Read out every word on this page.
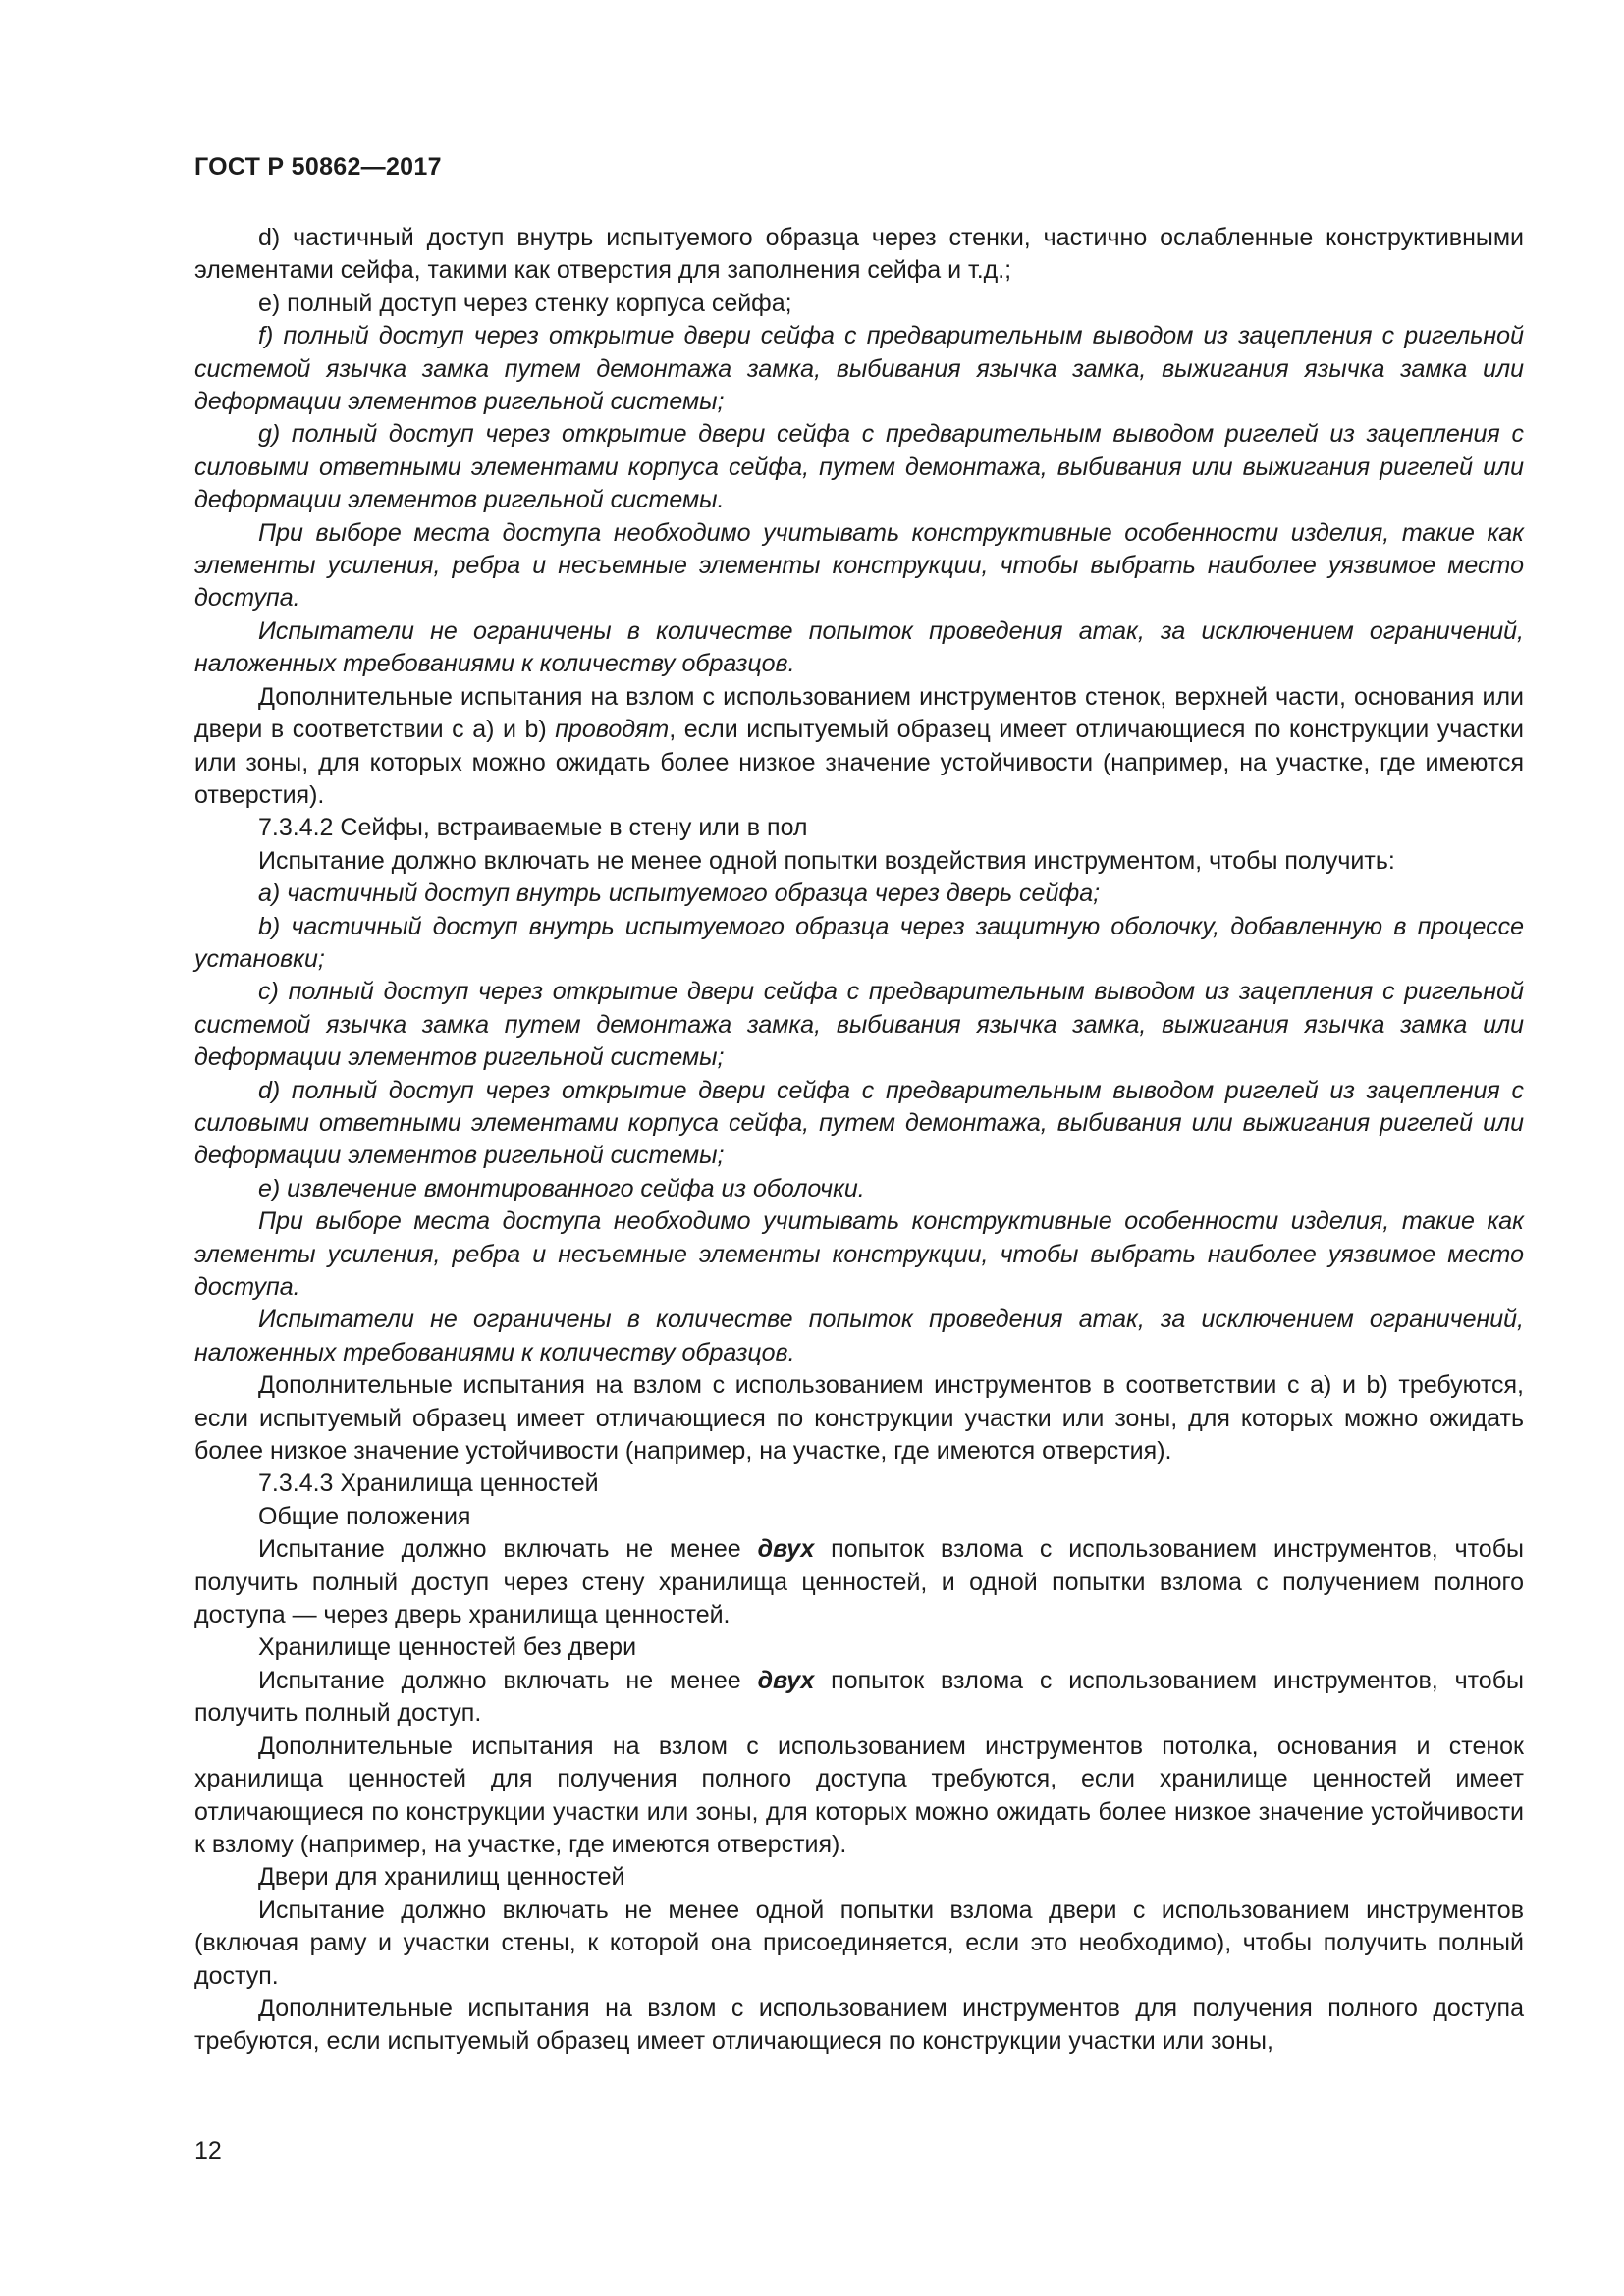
ГОСТ Р 50862—2017

d) частичный доступ внутрь испытуемого образца через стенки, частично ослабленные конструктивными элементами сейфа, такими как отверстия для заполнения сейфа и т.д.;

e) полный доступ через стенку корпуса сейфа;

f) полный доступ через открытие двери сейфа с предварительным выводом из зацепления с ригельной системой язычка замка путем демонтажа замка, выбивания язычка замка, выжигания язычка замка или деформации элементов ригельной системы;

g) полный доступ через открытие двери сейфа с предварительным выводом ригелей из зацепления с силовыми ответными элементами корпуса сейфа, путем демонтажа, выбивания или выжигания ригелей или деформации элементов ригельной системы.

При выборе места доступа необходимо учитывать конструктивные особенности изделия, такие как элементы усиления, ребра и несъемные элементы конструкции, чтобы выбрать наиболее уязвимое место доступа.

Испытатели не ограничены в количестве попыток проведения атак, за исключением ограничений, наложенных требованиями к количеству образцов.

Дополнительные испытания на взлом с использованием инструментов стенок, верхней части, основания или двери в соответствии с а) и b) проводят, если испытуемый образец имеет отличающиеся по конструкции участки или зоны, для которых можно ожидать более низкое значение устойчивости (например, на участке, где имеются отверстия).

7.3.4.2 Сейфы, встраиваемые в стену или в пол

Испытание должно включать не менее одной попытки воздействия инструментом, чтобы получить:

а) частичный доступ внутрь испытуемого образца через дверь сейфа;

b) частичный доступ внутрь испытуемого образца через защитную оболочку, добавленную в процессе установки;

c) полный доступ через открытие двери сейфа с предварительным выводом из зацепления с ригельной системой язычка замка путем демонтажа замка, выбивания язычка замка, выжигания язычка замка или деформации элементов ригельной системы;

d) полный доступ через открытие двери сейфа с предварительным выводом ригелей из зацепления с силовыми ответными элементами корпуса сейфа, путем демонтажа, выбивания или выжигания ригелей или деформации элементов ригельной системы;

e) извлечение вмонтированного сейфа из оболочки.

При выборе места доступа необходимо учитывать конструктивные особенности изделия, такие как элементы усиления, ребра и несъемные элементы конструкции, чтобы выбрать наиболее уязвимое место доступа.

Испытатели не ограничены в количестве попыток проведения атак, за исключением ограничений, наложенных требованиями к количеству образцов.

Дополнительные испытания на взлом с использованием инструментов в соответствии с а) и b) требуются, если испытуемый образец имеет отличающиеся по конструкции участки или зоны, для которых можно ожидать более низкое значение устойчивости (например, на участке, где имеются отверстия).

7.3.4.3 Хранилища ценностей

Общие положения

Испытание должно включать не менее двух попыток взлома с использованием инструментов, чтобы получить полный доступ через стену хранилища ценностей, и одной попытки взлома с получением полного доступа — через дверь хранилища ценностей.

Хранилище ценностей без двери

Испытание должно включать не менее двух попыток взлома с использованием инструментов, чтобы получить полный доступ.

Дополнительные испытания на взлом с использованием инструментов потолка, основания и стенок хранилища ценностей для получения полного доступа требуются, если хранилище ценностей имеет отличающиеся по конструкции участки или зоны, для которых можно ожидать более низкое значение устойчивости к взлому (например, на участке, где имеются отверстия).

Двери для хранилищ ценностей

Испытание должно включать не менее одной попытки взлома двери с использованием инструментов (включая раму и участки стены, к которой она присоединяется, если это необходимо), чтобы получить полный доступ.

Дополнительные испытания на взлом с использованием инструментов для получения полного доступа требуются, если испытуемый образец имеет отличающиеся по конструкции участки или зоны,

12
